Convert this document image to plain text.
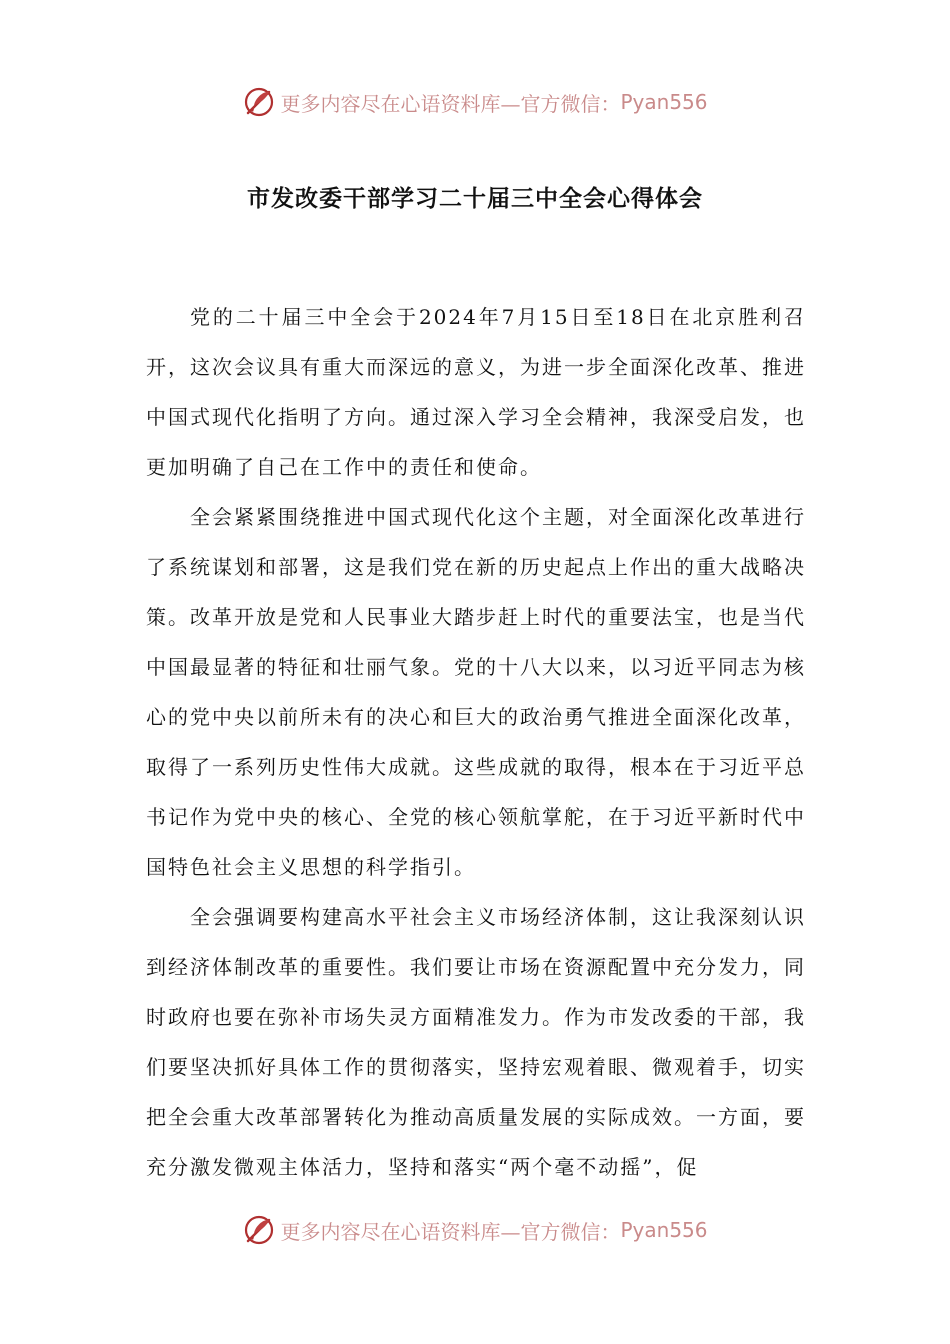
更多内容尽在心语资料库—官方微信： Pyan556
市发改委干部学习二十届三中全会心得体会

党的二十届三中全会于2024年7月15日至18日在北京胜利召开，这次会议具有重大而深远的意义，为进一步全面深化改革、推进中国式现代化指明了方向。通过深入学习全会精神，我深受启发，也更加明确了自己在工作中的责任和使命。

全会紧紧围绕推进中国式现代化这个主题，对全面深化改革进行了系统谋划和部署，这是我们党在新的历史起点上作出的重大战略决策。改革开放是党和人民事业大踏步赶上时代的重要法宝，也是当代中国最显著的特征和壮丽气象。党的十八大以来，以习近平同志为核心的党中央以前所未有的决心和巨大的政治勇气推进全面深化改革，取得了一系列历史性伟大成就。这些成就的取得，根本在于习近平总书记作为党中央的核心、全党的核心领航掌舵，在于习近平新时代中国特色社会主义思想的科学指引。

全会强调要构建高水平社会主义市场经济体制，这让我深刻认识到经济体制改革的重要性。我们要让市场在资源配置中充分发力，同时政府也要在弥补市场失灵方面精准发力。作为市发改委的干部，我们要坚决抓好具体工作的贯彻落实，坚持宏观着眼、微观着手，切实把全会重大改革部署转化为推动高质量发展的实际成效。一方面，要充分激发微观主体活力，坚持和落实“两个毫不动摇”，促

更多内容尽在心语资料库—官方微信： Pyan556
